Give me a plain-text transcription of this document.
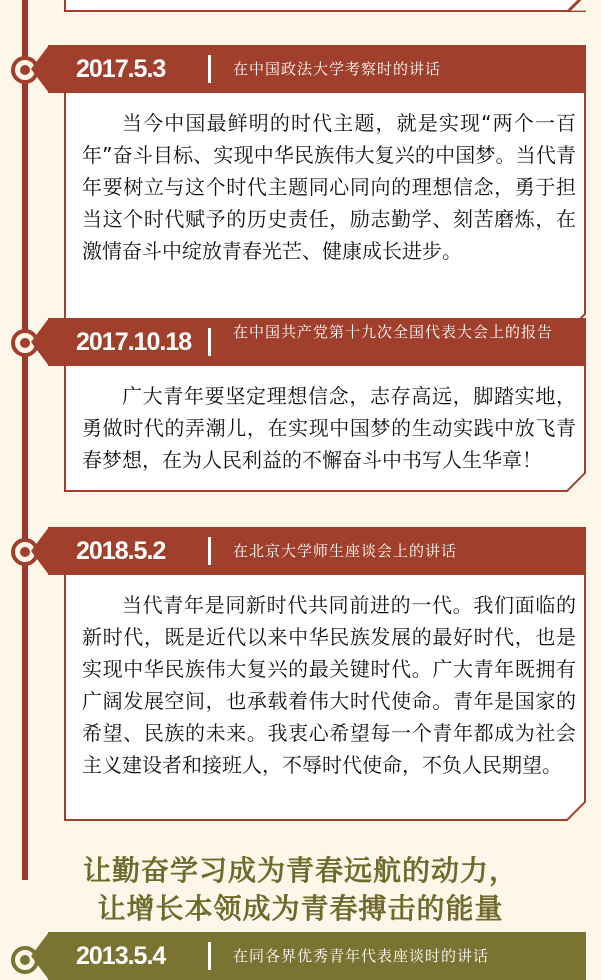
2017.5.3	在中国政法大学考察时的讲话
当今中国最鲜明的时代主题，就是实现“两个一百年”奋斗目标、实现中华民族伟大复兴的中国梦。当代青年要树立与这个时代主题同心同向的理想信念，勇于担当这个时代赋予的历史责任，励志勤学、刻苦磨炼，在激情奋斗中绽放青春光芒、健康成长进步。
2017.10.18	在中国共产党第十九次全国代表大会上的报告
广大青年要坚定理想信念，志存高远，脚踏实地，勇做时代的弄潮儿，在实现中国梦的生动实践中放飞青春梦想，在为人民利益的不懈奋斗中书写人生华章！
2018.5.2	在北京大学师生座谈会上的讲话
当代青年是同新时代共同前进的一代。我们面临的新时代，既是近代以来中华民族发展的最好时代，也是实现中华民族伟大复兴的最关键时代。广大青年既拥有广阔发展空间，也承载着伟大时代使命。青年是国家的希望、民族的未来。我衷心希望每一个青年都成为社会主义建设者和接班人，不辱时代使命，不负人民期望。
让勤奋学习成为青春远航的动力，
让增长本领成为青春搏击的能量
2013.5.4	在同各界优秀青年代表座谈时的讲话
